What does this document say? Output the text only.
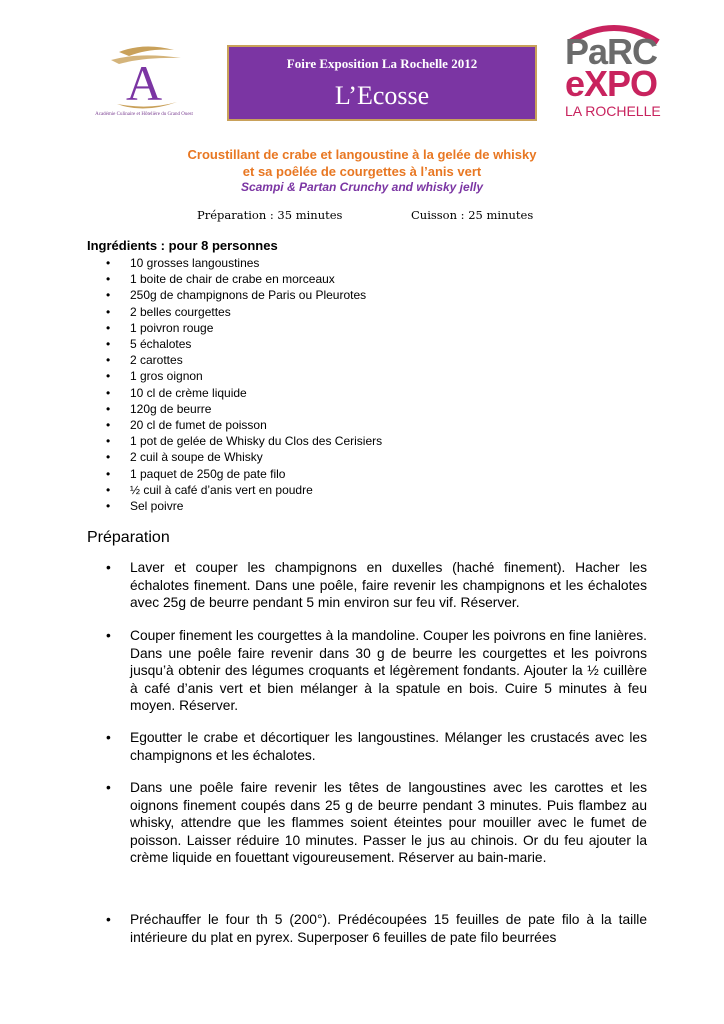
A
Académie Culinaire et Hôtelière du Grand Ouest
Foire Exposition La Rochelle 2012
L’Ecosse
PaRC
eXPO
LA ROCHELLE
Croustillant de crabe et langoustine à la gelée de whisky
et sa poêlée de courgettes à l’anis vert
Scampi & Partan Crunchy and whisky jelly
Préparation : 35 minutes	Cuisson : 25 minutes
Ingrédients : pour 8 personnes
• 10 grosses langoustines
• 1 boite de chair de crabe en morceaux
• 250g de champignons de Paris ou Pleurotes
• 2 belles courgettes
• 1 poivron rouge
• 5 échalotes
• 2 carottes
• 1 gros oignon
• 10 cl de crème liquide
• 120g de beurre
• 20 cl de fumet de poisson
• 1 pot de gelée de Whisky du Clos des Cerisiers
• 2 cuil à soupe de Whisky
• 1 paquet de 250g de pate filo
• ½ cuil à café d’anis vert en poudre
• Sel poivre
Préparation
• Laver et couper les champignons en duxelles (haché finement). Hacher les échalotes finement. Dans une poêle, faire revenir les champignons et les échalotes avec 25g de beurre pendant 5 min environ sur feu vif. Réserver.
• Couper finement les courgettes à la mandoline. Couper les poivrons en fine lanières. Dans une poêle faire revenir dans 30 g de beurre les courgettes et les poivrons jusqu’à obtenir des légumes croquants et légèrement fondants. Ajouter la ½ cuillère à café d’anis vert et bien mélanger à la spatule en bois. Cuire 5 minutes à feu moyen. Réserver.
• Egoutter le crabe et décortiquer les langoustines. Mélanger les crustacés avec les champignons et les échalotes.
• Dans une poêle faire revenir les têtes de langoustines avec les carottes et les oignons finement coupés dans 25 g de beurre pendant 3 minutes. Puis flambez au whisky, attendre que les flammes soient éteintes pour mouiller avec le fumet de poisson. Laisser réduire 10 minutes. Passer le jus au chinois. Or du feu ajouter la crème liquide en fouettant vigoureusement. Réserver au bain-marie.
• Préchauffer le four th 5 (200°). Prédécoupées 15 feuilles de pate filo à la taille intérieure du plat en pyrex. Superposer 6 feuilles de pate filo beurrées
